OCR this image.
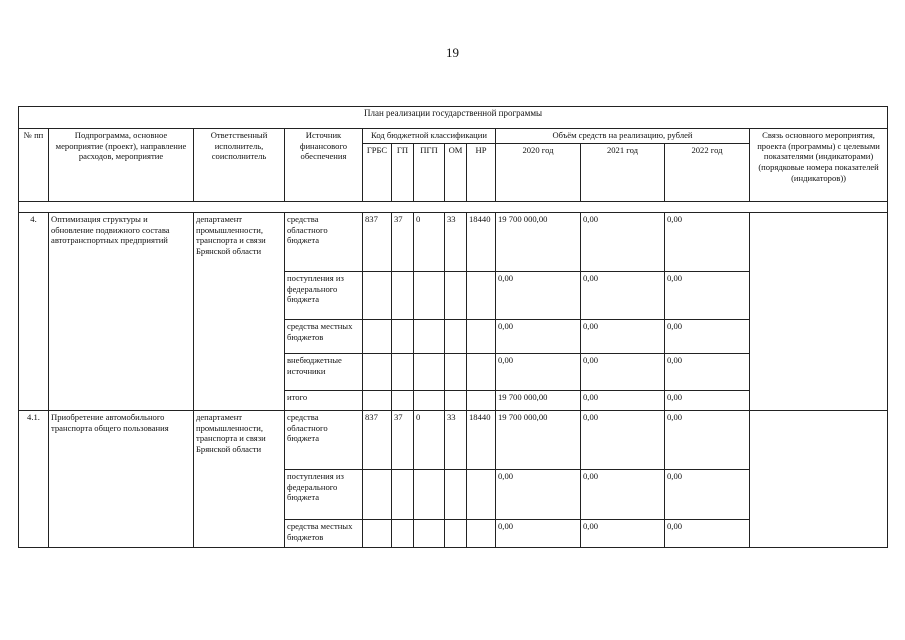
19
План реализации государственной программы												
№ пп	Подпрограмма, основное мероприятие (проект), направление расходов, мероприятие	Ответственный исполнитель, соисполнитель	Источник финансового обеспечения	Код бюджетной классификации					Объём средств на реализацию, рублей			Связь основного мероприятия, проекта (программы) с целевыми показателями (индикаторами) (порядковые номера показателей (индикаторов))
				ГРБС	ГП	ПГП	ОМ	НР	2020 год	2021 год	2022 год	

4.	Оптимизация структуры и обновление подвижного состава автотранспортных предприятий	департамент промышленности, транспорта и связи Брянской области	средства областного бюджета	837	37	0	33	18440	19 700 000,00	0,00	0,00	
			поступления из федерального бюджета						0,00	0,00	0,00	
			средства местных бюджетов						0,00	0,00	0,00	
			внебюджетные источники						0,00	0,00	0,00	
			итого						19 700 000,00	0,00	0,00	
4.1.	Приобретение автомобильного транспорта общего пользования	департамент промышленности, транспорта и связи Брянской области	средства областного бюджета	837	37	0	33	18440	19 700 000,00	0,00	0,00	
			поступления из федерального бюджета						0,00	0,00	0,00	
			средства местных бюджетов						0,00	0,00	0,00	
